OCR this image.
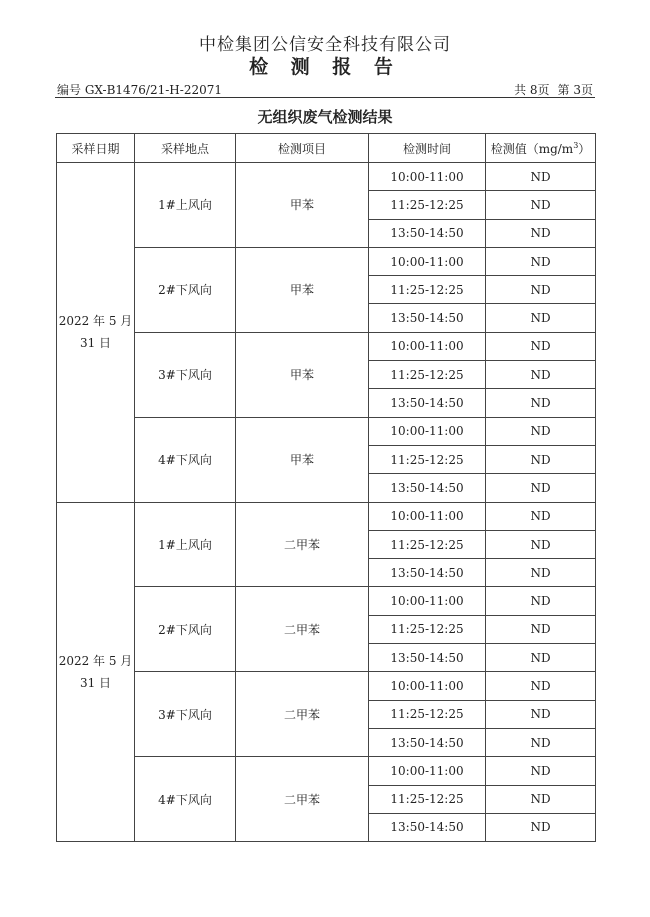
中检集团公信安全科技有限公司
检 测 报 告
编号 GX-B1476/21-H-22071	共 8页 第 3页
无组织废气检测结果
采样日期	采样地点	检测项目	检测时间	检测值$(mg/m^3)$

2022 年 5 月
31 日	1#上风向	甲苯	10:00-11:00	ND
			11:25-12:25	ND
			13:50-14:50	ND
	2#下风向	甲苯	10:00-11:00	ND
			11:25-12:25	ND
			13:50-14:50	ND
	3#下风向	甲苯	10:00-11:00	ND
			11:25-12:25	ND
			13:50-14:50	ND
	4#下风向	甲苯	10:00-11:00	ND
			11:25-12:25	ND
			13:50-14:50	ND

2022 年 5 月
31 日	1#上风向	二甲苯	10:00-11:00	ND
			11:25-12:25	ND
			13:50-14:50	ND
	2#下风向	二甲苯	10:00-11:00	ND
			11:25-12:25	ND
			13:50-14:50	ND
	3#下风向	二甲苯	10:00-11:00	ND
			11:25-12:25	ND
			13:50-14:50	ND
	4#下风向	二甲苯	10:00-11:00	ND
			11:25-12:25	ND
			13:50-14:50	ND
